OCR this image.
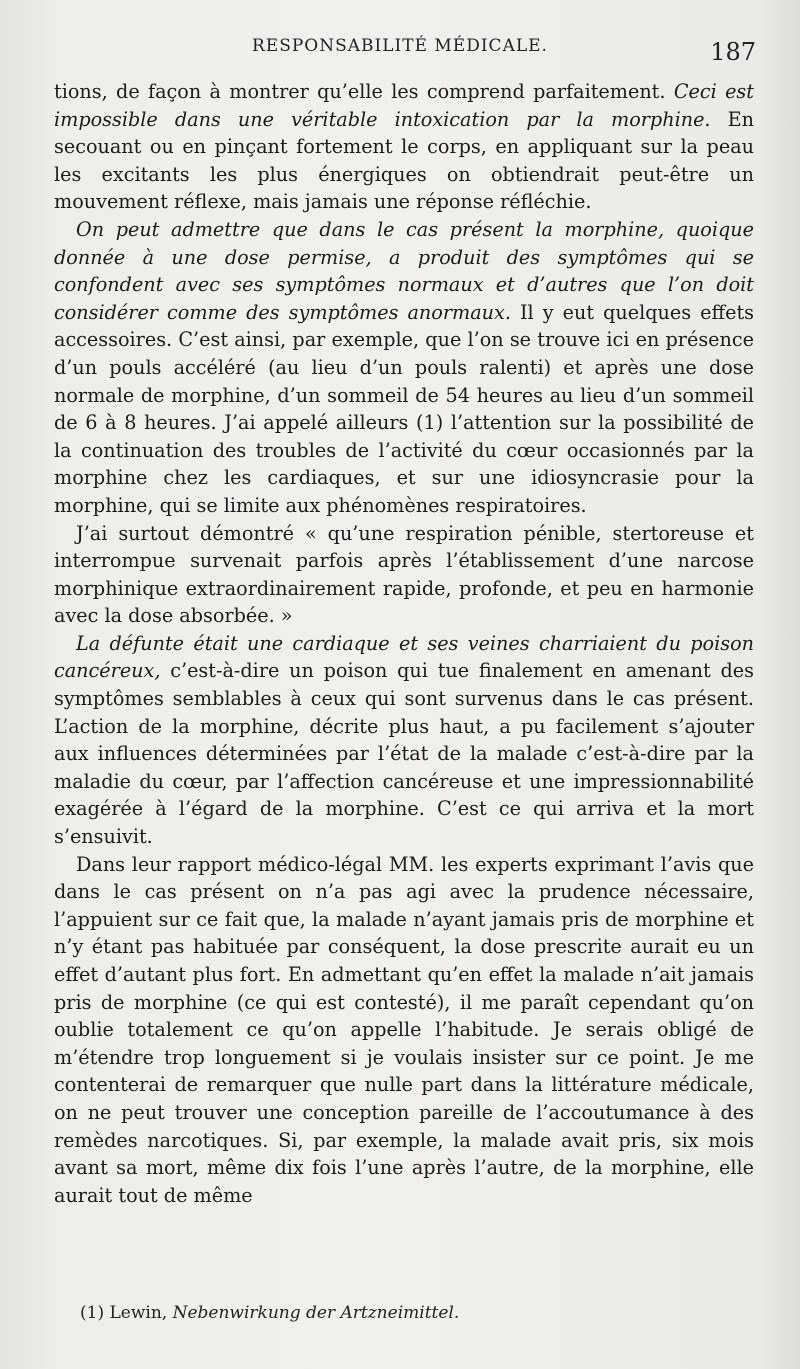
RESPONSABILITÉ MÉDICALE.	187

tions, de façon à montrer qu’elle les comprend parfaitement. Ceci est impossible dans une véritable intoxication par la morphine. En secouant ou en pinçant fortement le corps, en appliquant sur la peau les excitants les plus énergiques on obtiendrait peut-être un mouvement réflexe, mais jamais une réponse réfléchie.

On peut admettre que dans le cas présent la morphine, quoique donnée à une dose permise, a produit des symptômes qui se confondent avec ses symptômes normaux et d’autres que l’on doit considérer comme des symptômes anormaux. Il y eut quelques effets accessoires. C’est ainsi, par exemple, que l’on se trouve ici en présence d’un pouls accéléré (au lieu d’un pouls ralenti) et après une dose normale de morphine, d’un sommeil de 54 heures au lieu d’un sommeil de 6 à 8 heures. J’ai appelé ailleurs (1) l’attention sur la possibilité de la continuation des troubles de l’activité du cœur occasionnés par la morphine chez les cardiaques, et sur une idiosyncrasie pour la morphine, qui se limite aux phénomènes respiratoires.

J’ai surtout démontré « qu’une respiration pénible, stertoreuse et interrompue survenait parfois après l’établissement d’une narcose morphinique extraordinairement rapide, profonde, et peu en harmonie avec la dose absorbée. »

La défunte était une cardiaque et ses veines charriaient du poison cancéreux, c’est-à-dire un poison qui tue finalement en amenant des symptômes semblables à ceux qui sont survenus dans le cas présent. L’action de la morphine, décrite plus haut, a pu facilement s’ajouter aux influences déterminées par l’état de la malade c’est-à-dire par la maladie du cœur, par l’affection cancéreuse et une impressionnabilité exagérée à l’égard de la morphine. C’est ce qui arriva et la mort s’ensuivit.

Dans leur rapport médico-légal MM. les experts exprimant l’avis que dans le cas présent on n’a pas agi avec la prudence nécessaire, l’appuient sur ce fait que, la malade n’ayant jamais pris de morphine et n’y étant pas habituée par conséquent, la dose prescrite aurait eu un effet d’autant plus fort. En admettant qu’en effet la malade n’ait jamais pris de morphine (ce qui est contesté), il me paraît cependant qu’on oublie totalement ce qu’on appelle l’habitude. Je serais obligé de m’étendre trop longuement si je voulais insister sur ce point. Je me contenterai de remarquer que nulle part dans la littérature médicale, on ne peut trouver une conception pareille de l’accoutumance à des remèdes narcotiques. Si, par exemple, la malade avait pris, six mois avant sa mort, même dix fois l’une après l’autre, de la morphine, elle aurait tout de même

(1) Lewin, Nebenwirkung der Artzneimittel.
